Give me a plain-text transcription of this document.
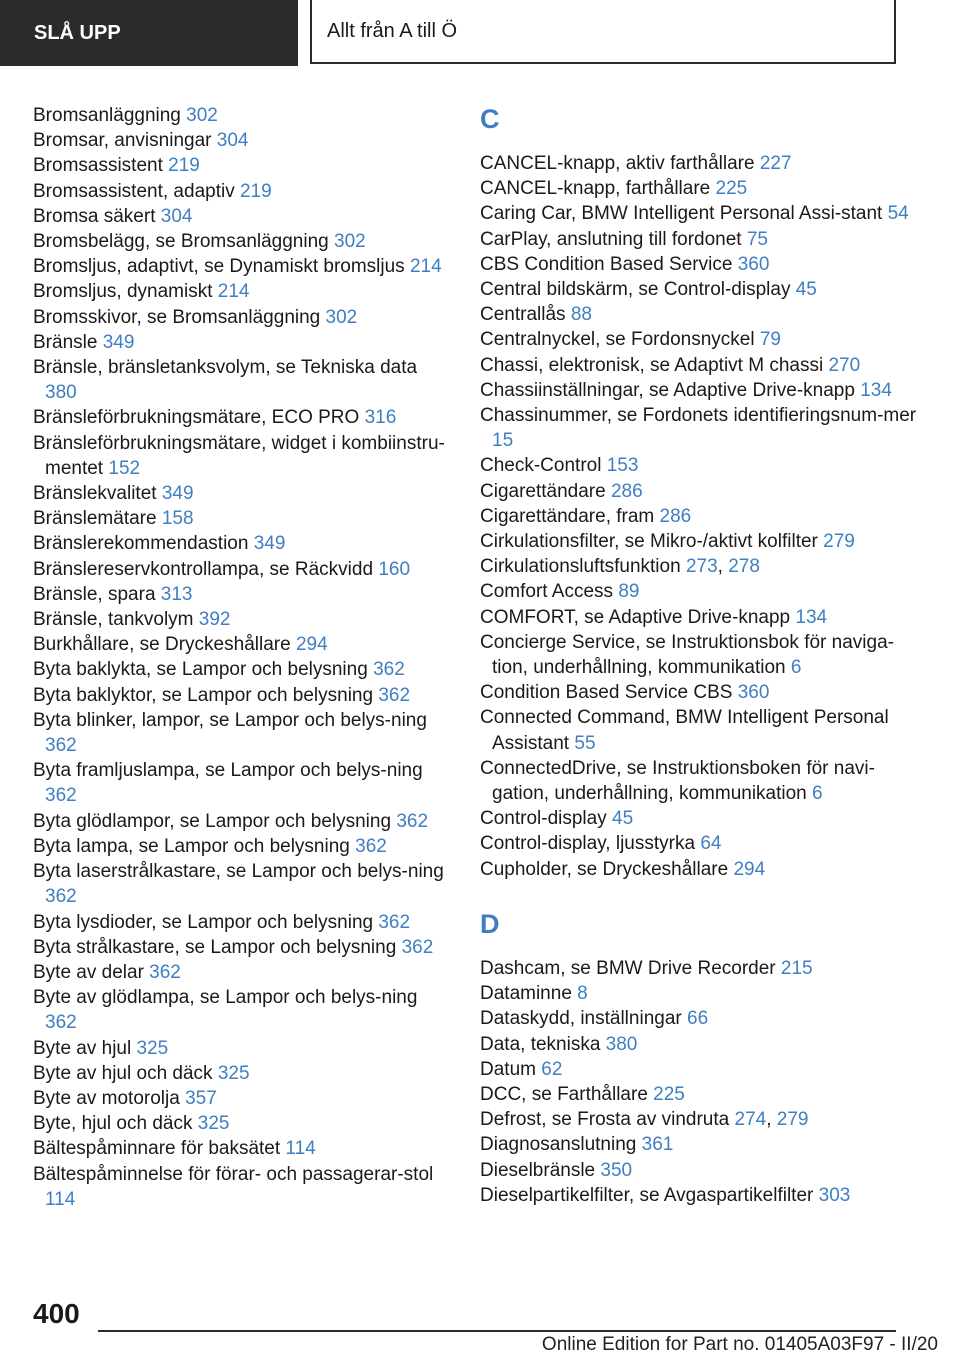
SLÅ UPP	Allt från A till Ö
Bromsanläggning 302
Bromsar, anvisningar 304
Bromsassistent 219
Bromsassistent, adaptiv 219
Bromsa säkert 304
Bromsbelägg, se Bromsanläggning 302
Bromsljus, adaptivt, se Dynamiskt bromsljus 214
Bromsljus, dynamiskt 214
Bromsskivor, se Bromsanläggning 302
Bränsle 349
Bränsle, bränsletanksvolym, se Tekniska data 380
Bränsleförbrukningsmätare, ECO PRO 316
Bränsleförbrukningsmätare, widget i kombiinstru-mentet 152
Bränslekvalitet 349
Bränslemätare 158
Bränslerekommendastion 349
Bränslereservkontrollampa, se Räckvidd 160
Bränsle, spara 313
Bränsle, tankvolym 392
Burkhållare, se Dryckeshållare 294
Byta baklykta, se Lampor och belysning 362
Byta baklyktor, se Lampor och belysning 362
Byta blinker, lampor, se Lampor och belys-ning 362
Byta framljuslampa, se Lampor och belys-ning 362
Byta glödlampor, se Lampor och belysning 362
Byta lampa, se Lampor och belysning 362
Byta laserstrålkastare, se Lampor och belys-ning 362
Byta lysdioder, se Lampor och belysning 362
Byta strålkastare, se Lampor och belysning 362
Byte av delar 362
Byte av glödlampa, se Lampor och belys-ning 362
Byte av hjul 325
Byte av hjul och däck 325
Byte av motorolja 357
Byte, hjul och däck 325
Bältespåminnare för baksätet 114
Bältespåminnelse för förar- och passagerar-stol 114
C
CANCEL-knapp, aktiv farthållare 227
CANCEL-knapp, farthållare 225
Caring Car, BMW Intelligent Personal Assi-stant 54
CarPlay, anslutning till fordonet 75
CBS Condition Based Service 360
Central bildskärm, se Control-display 45
Centrallås 88
Centralnyckel, se Fordonsnyckel 79
Chassi, elektronisk, se Adaptivt M chassi 270
Chassiinställningar, se Adaptive Drive-knapp 134
Chassinummer, se Fordonets identifieringsnum-mer 15
Check-Control 153
Cigarettändare 286
Cigarettändare, fram 286
Cirkulationsfilter, se Mikro-/aktivt kolfilter 279
Cirkulationsluftsfunktion 273, 278
Comfort Access 89
COMFORT, se Adaptive Drive-knapp 134
Concierge Service, se Instruktionsbok för naviga-tion, underhållning, kommunikation 6
Condition Based Service CBS 360
Connected Command, BMW Intelligent Personal Assistant 55
ConnectedDrive, se Instruktionsboken för navi-gation, underhållning, kommunikation 6
Control-display 45
Control-display, ljusstyrka 64
Cupholder, se Dryckeshållare 294
D
Dashcam, se BMW Drive Recorder 215
Dataminne 8
Dataskydd, inställningar 66
Data, tekniska 380
Datum 62
DCC, se Farthållare 225
Defrost, se Frosta av vindruta 274, 279
Diagnosanslutning 361
Dieselbränsle 350
Dieselpartikelfilter, se Avgaspartikelfilter 303
400
Online Edition for Part no. 01405A03F97 - II/20
